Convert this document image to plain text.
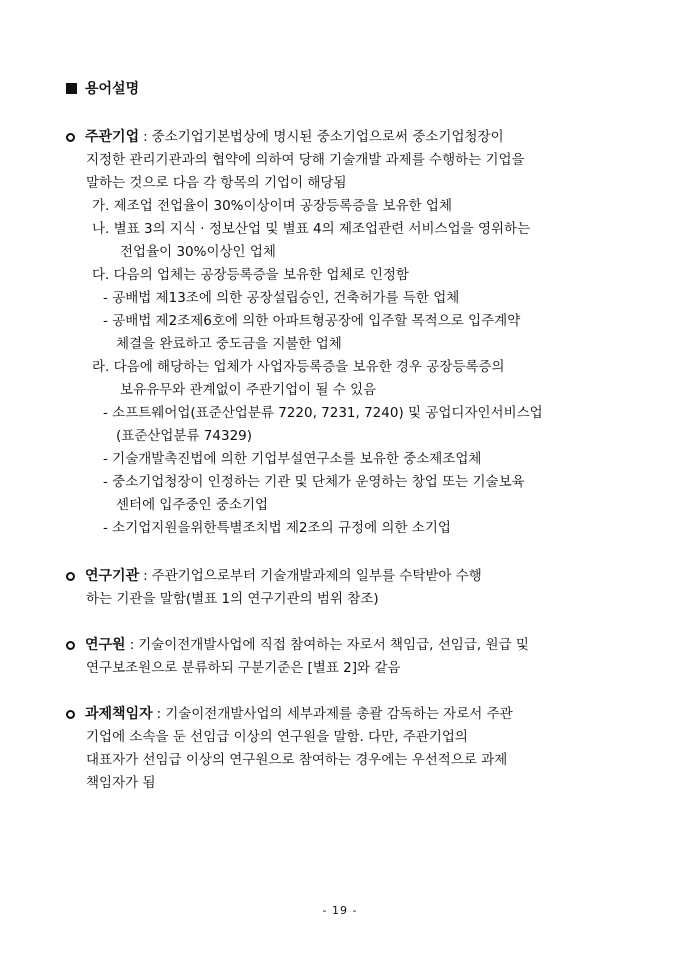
용어설명
주관기업 : 중소기업기본법상에 명시된 중소기업으로써 중소기업청장이
지정한 관리기관과의 협약에 의하여 당해 기술개발 과제를 수행하는 기업을
말하는 것으로 다음 각 항목의 기업이 해당됨
가. 제조업 전업율이 30%이상이며 공장등록증을 보유한 업체
나. 별표 3의 지식 · 정보산업 및 별표 4의 제조업관련 서비스업을 영위하는
전업율이 30%이상인 업체
다. 다음의 업체는 공장등록증을 보유한 업체로 인정함
- 공배법 제13조에 의한 공장설립승인, 건축허가를 득한 업체
- 공배법 제2조제6호에 의한 아파트형공장에 입주할 목적으로 입주계약
체결을 완료하고 중도금을 지불한 업체
라. 다음에 해당하는 업체가 사업자등록증을 보유한 경우 공장등록증의
보유유무와 관계없이 주관기업이 될 수 있음
- 소프트웨어업(표준산업분류 7220, 7231, 7240) 및 공업디자인서비스업
(표준산업분류 74329)
- 기술개발촉진법에 의한 기업부설연구소를 보유한 중소제조업체
- 중소기업청장이 인정하는 기관 및 단체가 운영하는 창업 또는 기술보육
센터에 입주중인 중소기업
- 소기업지원을위한특별조치법 제2조의 규정에 의한 소기업
연구기관 : 주관기업으로부터 기술개발과제의 일부를 수탁받아 수행
하는 기관을 말함(별표 1의 연구기관의 범위 참조)
연구원 : 기술이전개발사업에 직접 참여하는 자로서 책임급, 선임급, 원급 및
연구보조원으로 분류하되 구분기준은 [별표 2]와 같음
과제책임자 : 기술이전개발사업의 세부과제를 총괄 감독하는 자로서 주관
기업에 소속을 둔 선임급 이상의 연구원을 말함. 다만, 주관기업의
대표자가 선임급 이상의 연구원으로 참여하는 경우에는 우선적으로 과제
책임자가 됨
- 19 -
